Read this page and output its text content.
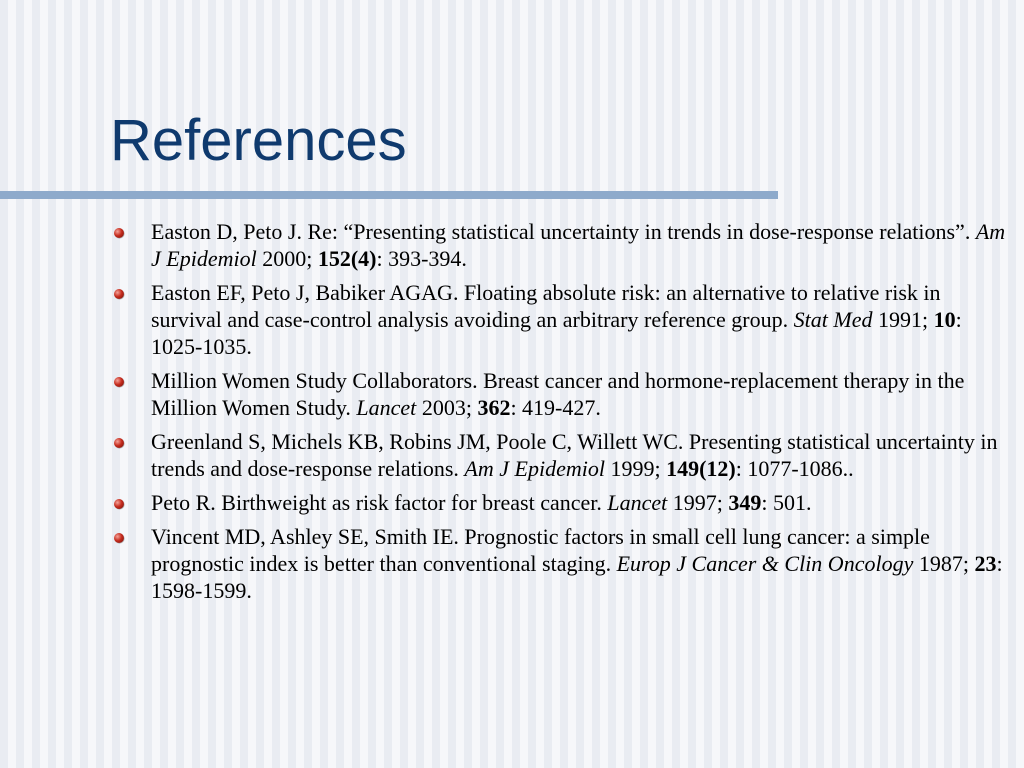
References
Easton D, Peto J. Re: “Presenting statistical uncertainty in trends in dose-response relations”. Am J Epidemiol 2000; 152(4): 393-394.
Easton EF, Peto J, Babiker AGAG. Floating absolute risk: an alternative to relative risk in survival and case-control analysis avoiding an arbitrary reference group. Stat Med 1991; 10: 1025-1035.
Million Women Study Collaborators. Breast cancer and hormone-replacement therapy in the Million Women Study. Lancet 2003; 362: 419-427.
Greenland S, Michels KB, Robins JM, Poole C, Willett WC. Presenting statistical uncertainty in trends and dose-response relations. Am J Epidemiol 1999; 149(12): 1077-1086..
Peto R. Birthweight as risk factor for breast cancer. Lancet 1997; 349: 501.
Vincent MD, Ashley SE, Smith IE. Prognostic factors in small cell lung cancer: a simple prognostic index is better than conventional staging. Europ J Cancer & Clin Oncology 1987; 23: 1598-1599.
